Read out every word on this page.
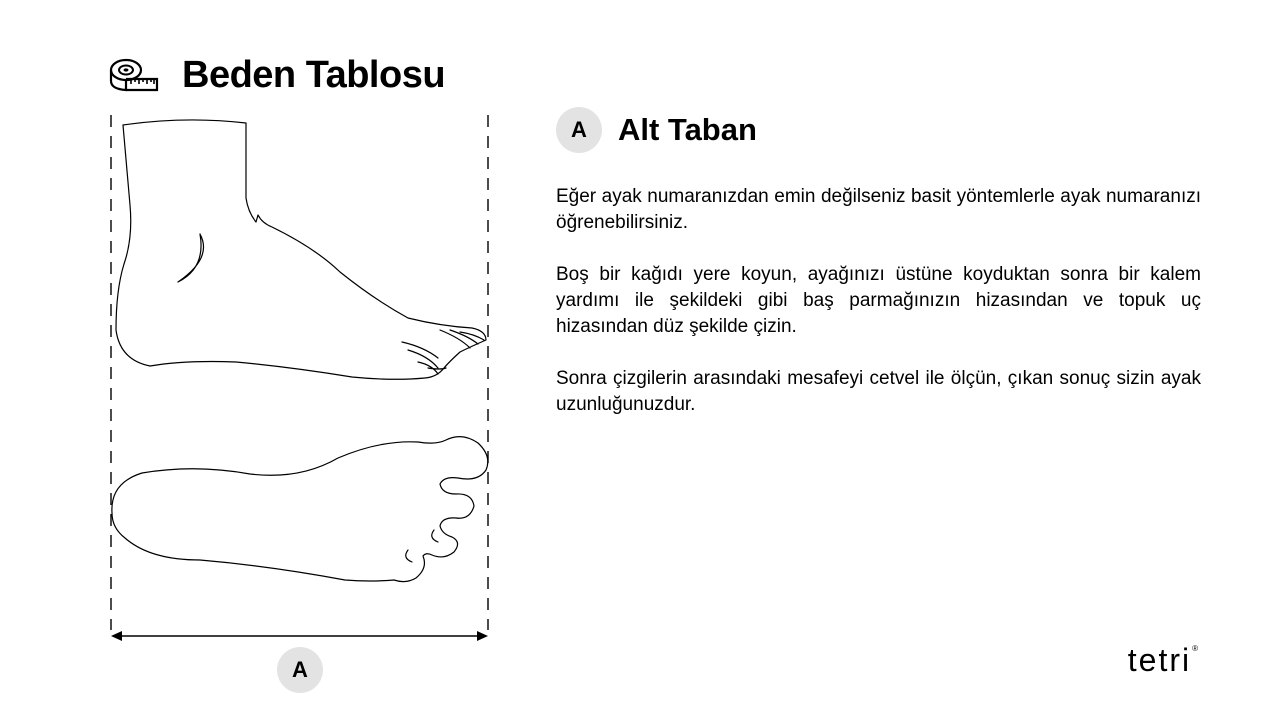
Beden Tablosu
A
A	Alt Taban

Eğer ayak numaranızdan emin değilseniz basit yöntemlerle ayak numaranızı öğrenebilirsiniz.

Boş bir kağıdı yere koyun, ayağınızı üstüne koyduktan sonra bir kalem yardımı ile şekildeki gibi baş parmağınızın hizasından ve topuk uç hizasından düz şekilde çizin.

Sonra çizgilerin arasındaki mesafeyi cetvel ile ölçün, çıkan sonuç sizin ayak uzunluğunuzdur.

tetri®
